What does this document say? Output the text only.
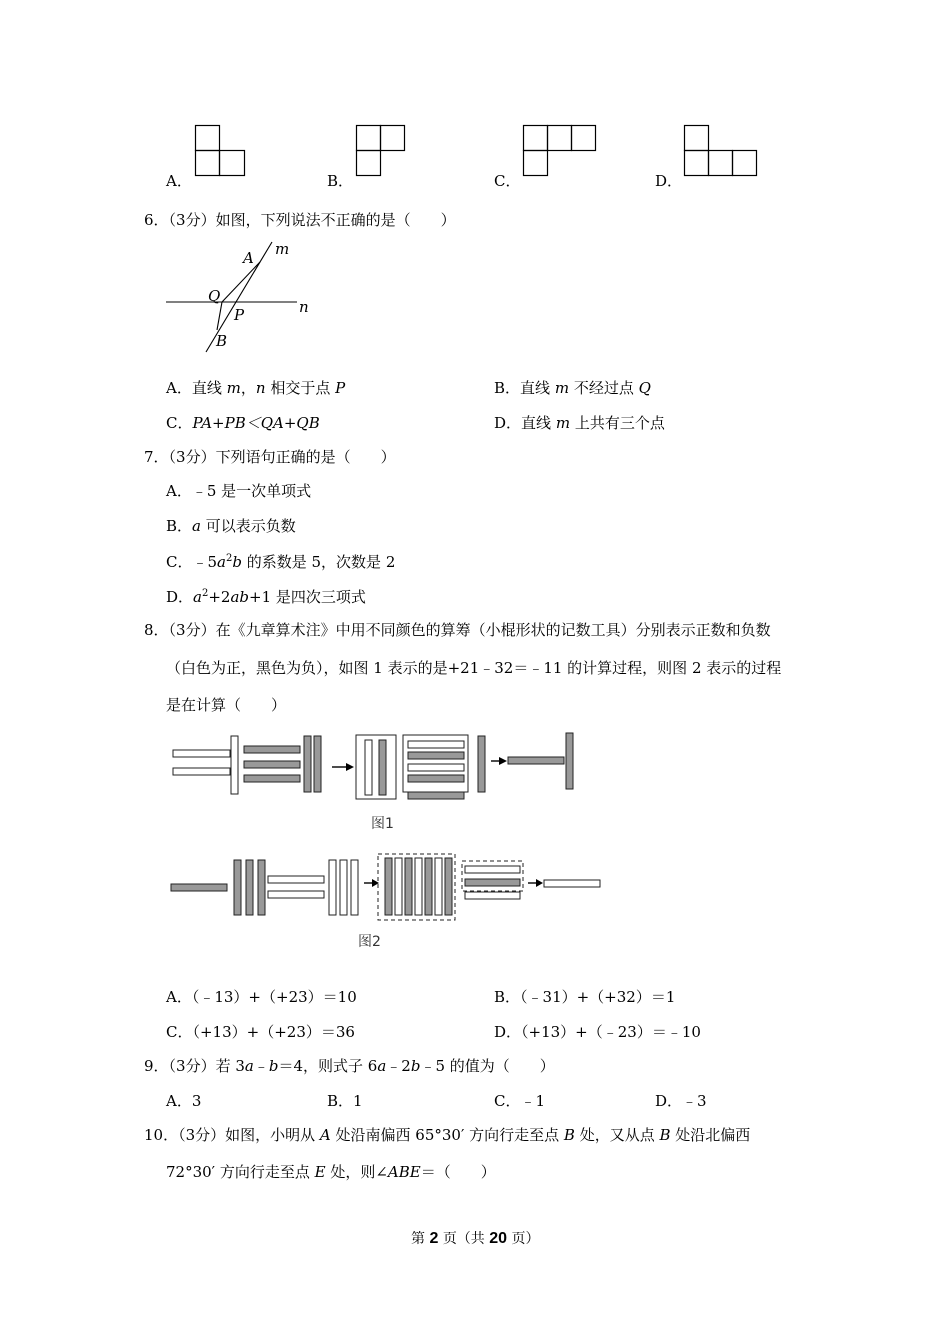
A．	B．	C．	D．
6．（3分）如图，下列说法不正确的是（　　）
m
n
A
Q
P
B
A．直线 m，n 相交于点 P	B．直线 m 不经过点 Q
C．PA+PB＜QA+QB	D．直线 m 上共有三个点
7．（3分）下列语句正确的是（　　）
A．﹣5 是一次单项式
B．a 可以表示负数
C．$﹣5a^2b$ 的系数是 5，次数是 2
D．$a^2+2ab+1$ 是四次三项式
8．（3分）在《九章算术注》中用不同颜色的算筹（小棍形状的记数工具）分别表示正数和负数
（白色为正，黑色为负），如图 1 表示的是+21﹣32＝﹣11 的计算过程，则图 2 表示的过程
是在计算（　　）
图1
图2
A．（﹣13）+（+23）＝10	B．（﹣31）+（+32）＝1
C．（+13）+（+23）＝36	D．（+13）+（﹣23）＝﹣10
9．（3分）若 3a﹣b＝4，则式子 6a﹣2b﹣5 的值为（　　）
A．3	B．1	C．﹣1	D．﹣3
10．（3分）如图，小明从 A 处沿南偏西 65°30′ 方向行走至点 B 处，又从点 B 处沿北偏西
72°30′ 方向行走至点 E 处，则∠ABE＝（　　）
第 2 页（共 20 页）
